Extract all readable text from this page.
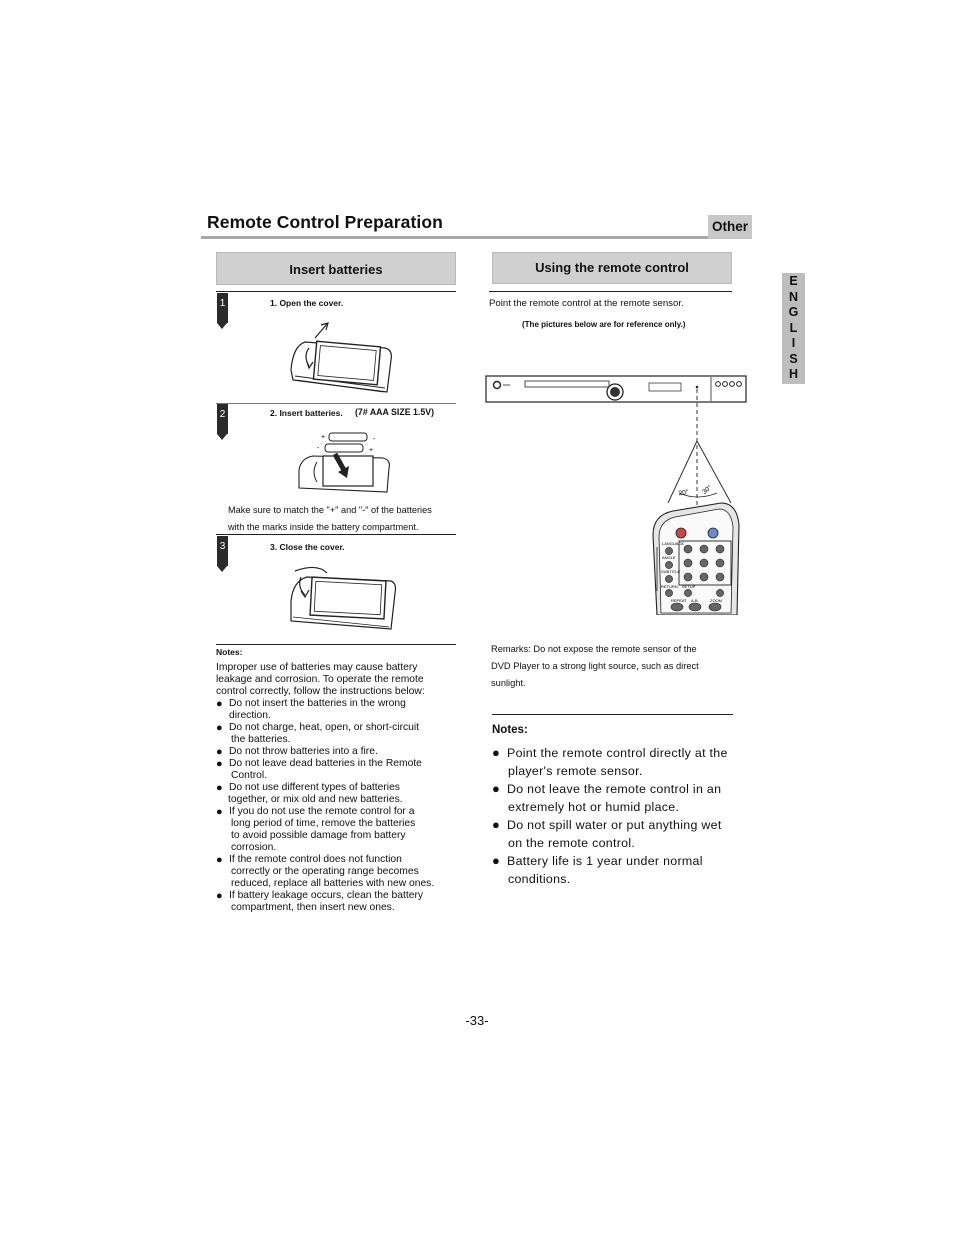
Remote Control Preparation	Other
E
N
G
L
I
S
H
Insert batteries
1	1. Open the cover.
2	2. Insert batteries. (7# AAA SIZE 1.5V)
+	-
-	+
Make sure to match the "+" and "-" of the batteries
with the marks inside the battery compartment.
3	3. Close the cover.
Notes:
Improper use of batteries may cause battery
leakage and corrosion. To operate the remote
control correctly, follow the instructions below:
● Do not insert the batteries in the wrong
direction.
● Do not charge, heat, open, or short-circuit
the batteries.
● Do not throw batteries into a fire.
● Do not leave dead batteries in the Remote
Control.
● Do not use different types of batteries
together, or mix old and new batteries.
● If you do not use the remote control for a
long period of time, remove the batteries
to avoid possible damage from battery
corrosion.
● If the remote control does not function
correctly or the operating range becomes
reduced, replace all batteries with new ones.
● If battery leakage occurs, clean the battery
compartment, then insert new ones.
Using the remote control
Point the remote control at the remote sensor.
(The pictures below are for reference only.)
20° 30°
LANGUAGE
ANGLE
SUBTITLE
RETURN SETUP
REPEAT A-B	ZOOM
Remarks: Do not expose the remote sensor of the
DVD Player to a strong light source, such as direct
sunlight.
Notes:
● Point the remote control directly at the
player's remote sensor.
● Do not leave the remote control in an
extremely hot or humid place.
● Do not spill water or put anything wet
on the remote control.
● Battery life is 1 year under normal
conditions.
-33-
